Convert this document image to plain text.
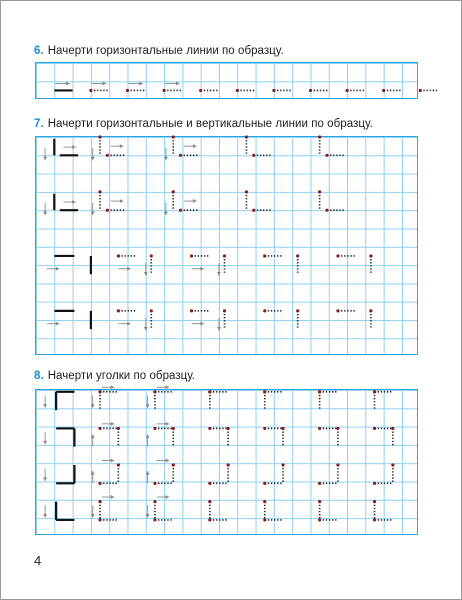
6. Начерти горизонтальные линии по образцу.
7. Начерти горизонтальные и вертикальные линии по образцу.
8. Начерти уголки по образцу.
4
